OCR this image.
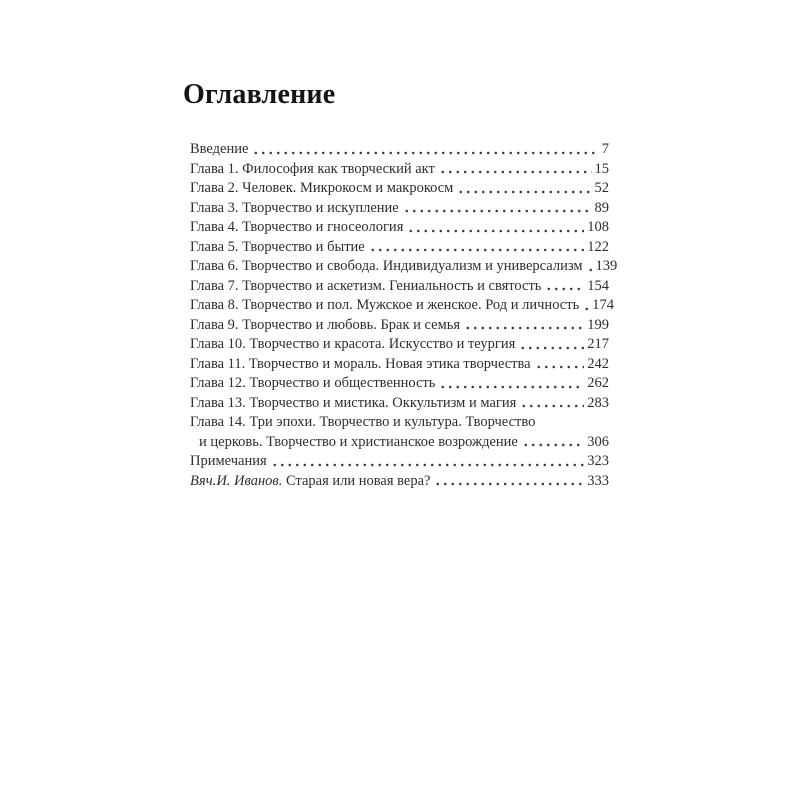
Оглавление
Введение	7
Глава 1. Философия как творческий акт	15
Глава 2. Человек. Микрокосм и макрокосм	52
Глава 3. Творчество и искупление	89
Глава 4. Творчество и гносеология	108
Глава 5. Творчество и бытие	122
Глава 6. Творчество и свобода. Индивидуализм и универсализм 139
Глава 7. Творчество и аскетизм. Гениальность и святость	154
Глава 8. Творчество и пол. Мужское и женское. Род и личность 174
Глава 9. Творчество и любовь. Брак и семья	199
Глава 10. Творчество и красота. Искусство и теургия	217
Глава 11. Творчество и мораль. Новая этика творчества	242
Глава 12. Творчество и общественность	262
Глава 13. Творчество и мистика. Оккультизм и магия	283
Глава 14. Три эпохи. Творчество и культура. Творчество
и церковь. Творчество и христианское возрождение	306
Примечания	323
Вяч.И. Иванов. Старая или новая вера?	333
